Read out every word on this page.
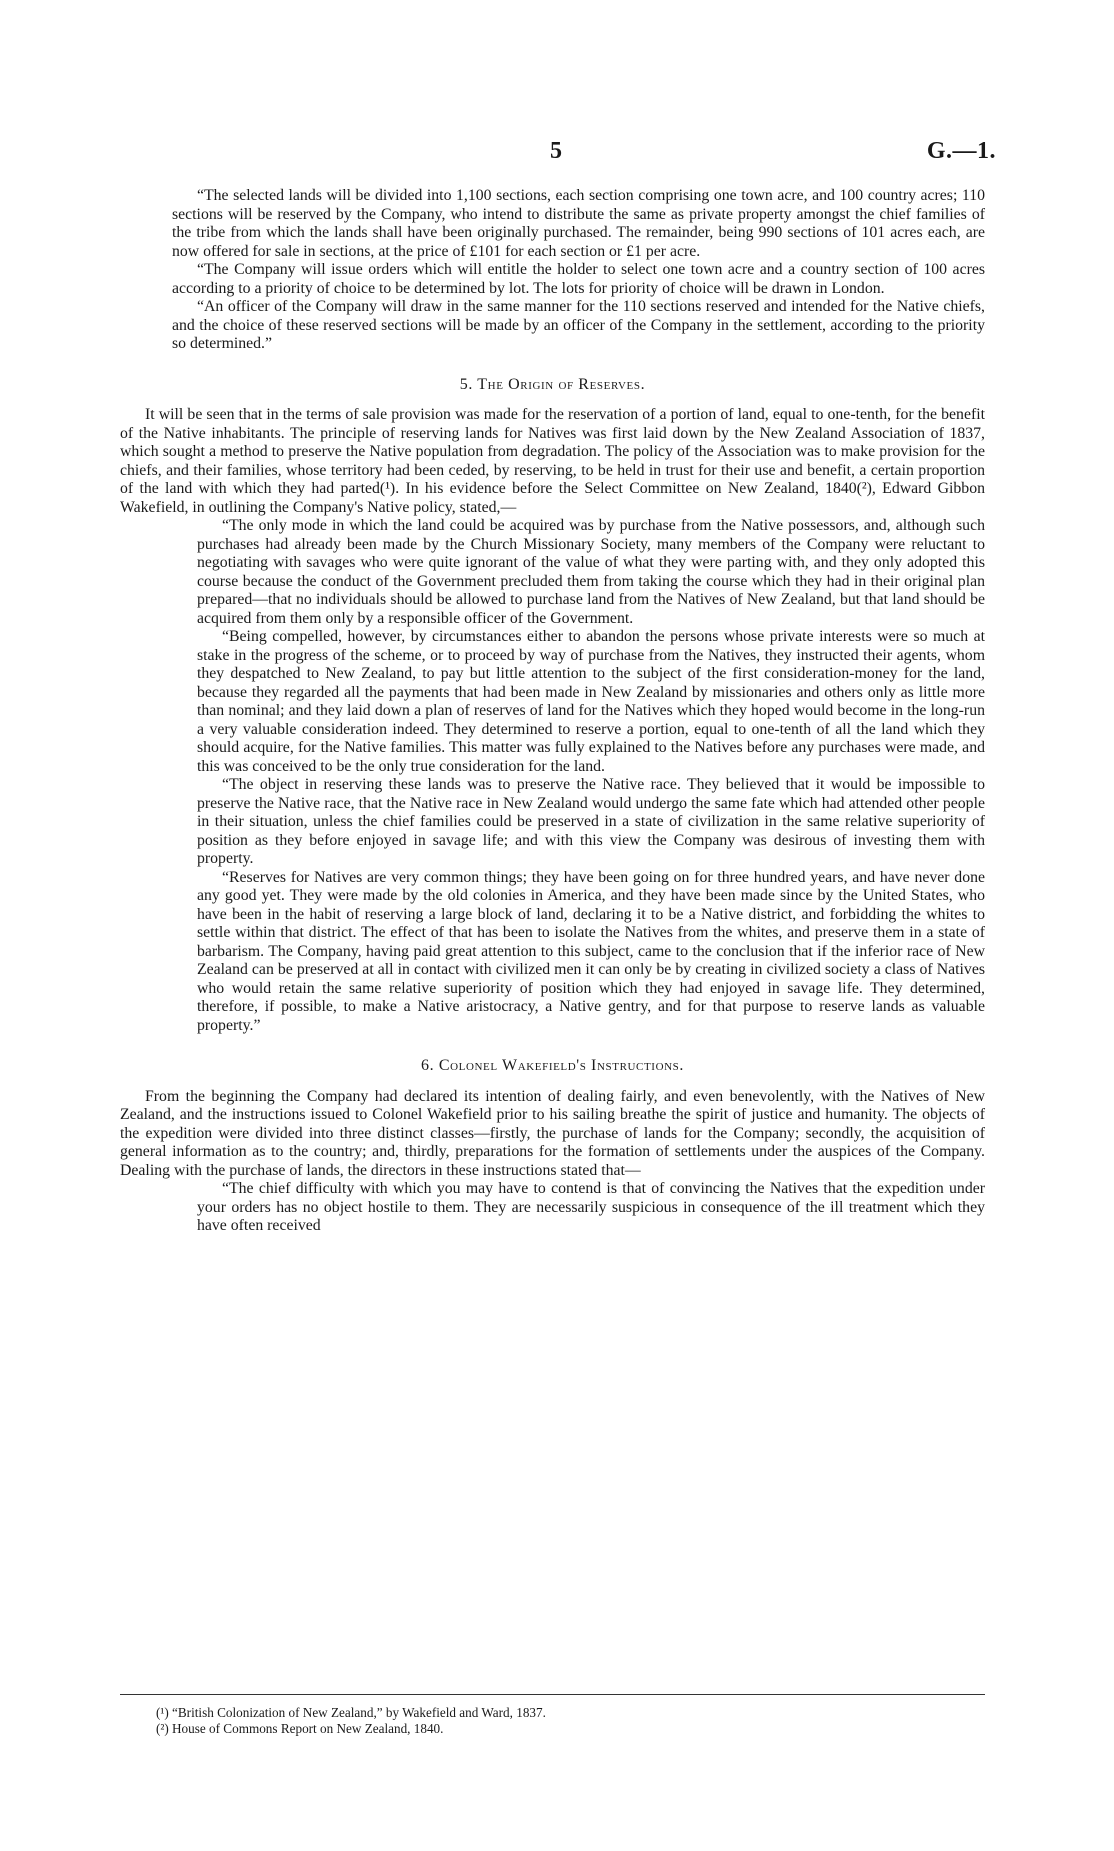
5	G.—1.

“The selected lands will be divided into 1,100 sections, each section comprising one town acre, and 100 country acres; 110 sections will be reserved by the Company, who intend to distribute the same as private property amongst the chief families of the tribe from which the lands shall have been originally purchased. The remainder, being 990 sections of 101 acres each, are now offered for sale in sections, at the price of £101 for each section or £1 per acre.

“The Company will issue orders which will entitle the holder to select one town acre and a country section of 100 acres according to a priority of choice to be determined by lot. The lots for priority of choice will be drawn in London.

“An officer of the Company will draw in the same manner for the 110 sections reserved and intended for the Native chiefs, and the choice of these reserved sections will be made by an officer of the Company in the settlement, according to the priority so determined.”

5. The Origin of Reserves.

It will be seen that in the terms of sale provision was made for the reservation of a portion of land, equal to one-tenth, for the benefit of the Native inhabitants. The principle of reserving lands for Natives was first laid down by the New Zealand Association of 1837, which sought a method to preserve the Native population from degradation. The policy of the Association was to make provision for the chiefs, and their families, whose territory had been ceded, by reserving, to be held in trust for their use and benefit, a certain proportion of the land with which they had parted(¹). In his evidence before the Select Committee on New Zealand, 1840(²), Edward Gibbon Wakefield, in outlining the Company's Native policy, stated,—

“The only mode in which the land could be acquired was by purchase from the Native possessors, and, although such purchases had already been made by the Church Missionary Society, many members of the Company were reluctant to negotiating with savages who were quite ignorant of the value of what they were parting with, and they only adopted this course because the conduct of the Government precluded them from taking the course which they had in their original plan prepared—that no individuals should be allowed to purchase land from the Natives of New Zealand, but that land should be acquired from them only by a responsible officer of the Government.

“Being compelled, however, by circumstances either to abandon the persons whose private interests were so much at stake in the progress of the scheme, or to proceed by way of purchase from the Natives, they instructed their agents, whom they despatched to New Zealand, to pay but little attention to the subject of the first consideration-money for the land, because they regarded all the payments that had been made in New Zealand by missionaries and others only as little more than nominal; and they laid down a plan of reserves of land for the Natives which they hoped would become in the long-run a very valuable consideration indeed. They determined to reserve a portion, equal to one-tenth of all the land which they should acquire, for the Native families. This matter was fully explained to the Natives before any purchases were made, and this was conceived to be the only true consideration for the land.

“The object in reserving these lands was to preserve the Native race. They believed that it would be impossible to preserve the Native race, that the Native race in New Zealand would undergo the same fate which had attended other people in their situation, unless the chief families could be preserved in a state of civilization in the same relative superiority of position as they before enjoyed in savage life; and with this view the Company was desirous of investing them with property.

“Reserves for Natives are very common things; they have been going on for three hundred years, and have never done any good yet. They were made by the old colonies in America, and they have been made since by the United States, who have been in the habit of reserving a large block of land, declaring it to be a Native district, and forbidding the whites to settle within that district. The effect of that has been to isolate the Natives from the whites, and preserve them in a state of barbarism. The Company, having paid great attention to this subject, came to the conclusion that if the inferior race of New Zealand can be preserved at all in contact with civilized men it can only be by creating in civilized society a class of Natives who would retain the same relative superiority of position which they had enjoyed in savage life. They determined, therefore, if possible, to make a Native aristocracy, a Native gentry, and for that purpose to reserve lands as valuable property.”

6. Colonel Wakefield's Instructions.

From the beginning the Company had declared its intention of dealing fairly, and even benevolently, with the Natives of New Zealand, and the instructions issued to Colonel Wakefield prior to his sailing breathe the spirit of justice and humanity. The objects of the expedition were divided into three distinct classes—firstly, the purchase of lands for the Company; secondly, the acquisition of general information as to the country; and, thirdly, preparations for the formation of settlements under the auspices of the Company. Dealing with the purchase of lands, the directors in these instructions stated that—

“The chief difficulty with which you may have to contend is that of convincing the Natives that the expedition under your orders has no object hostile to them. They are necessarily suspicious in consequence of the ill treatment which they have often received

(¹) “British Colonization of New Zealand,” by Wakefield and Ward, 1837.
(²) House of Commons Report on New Zealand, 1840.
